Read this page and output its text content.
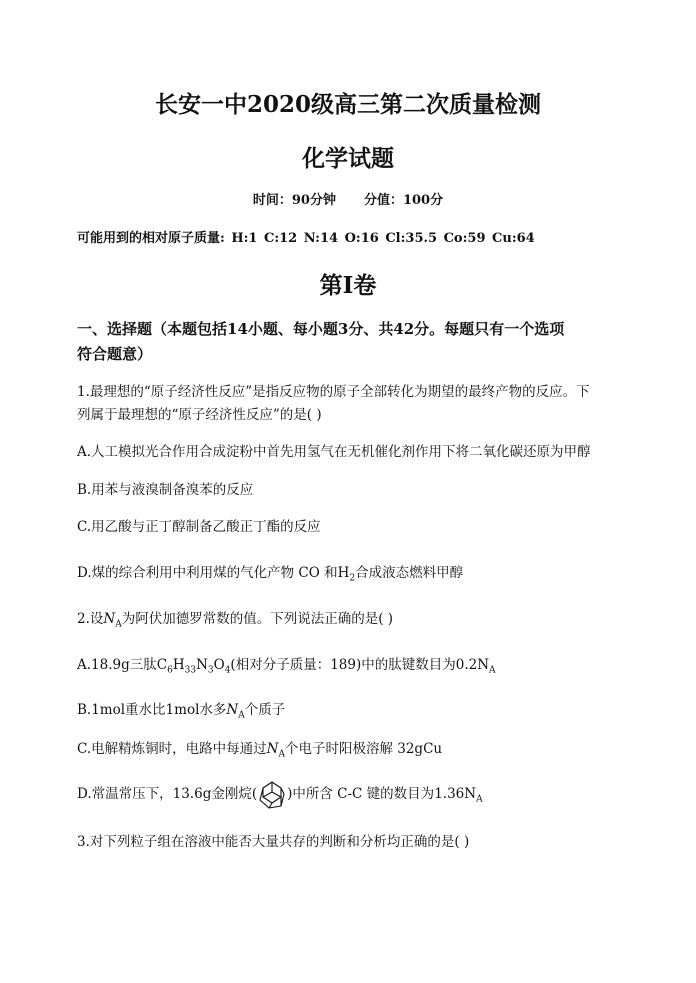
长安一中2020级高三第二次质量检测
化学试题
时间：90分钟 分值：100分
可能用到的相对原子质量: H:1 C:12 N:14 O:16 Cl:35.5 Co:59 Cu:64
第I卷
一、选择题（本题包括14小题、每小题3分、共42分。每题只有一个选项
符合题意）
1.最理想的“原子经济性反应”是指反应物的原子全部转化为期望的最终产物的反应。下
列属于最理想的“原子经济性反应”的是( )
A.人工模拟光合作用合成淀粉中首先用氢气在无机催化剂作用下将二氧化碳还原为甲醇
B.用苯与液溴制备溴苯的反应
C.用乙酸与正丁醇制备乙酸正丁酯的反应
D.煤的综合利用中利用煤的气化产物 CO 和$H_2$合成液态燃料甲醇
2.设$N_A$为阿伏加德罗常数的值。下列说法正确的是( )
A.18.9g三肽$C_6H_{33}N_3O_4$(相对分子质量：189)中的肽键数目为$0.2N_A$
B.1mol重水比1mol水多$N_A$个质子
C.电解精炼铜时，电路中每通过$N_A$个电子时阳极溶解 32gCu
D.常温常压下，13.6g金刚烷( )中所含 C-C 键的数目为$1.36N_A$
3.对下列粒子组在溶液中能否大量共存的判断和分析均正确的是( )
